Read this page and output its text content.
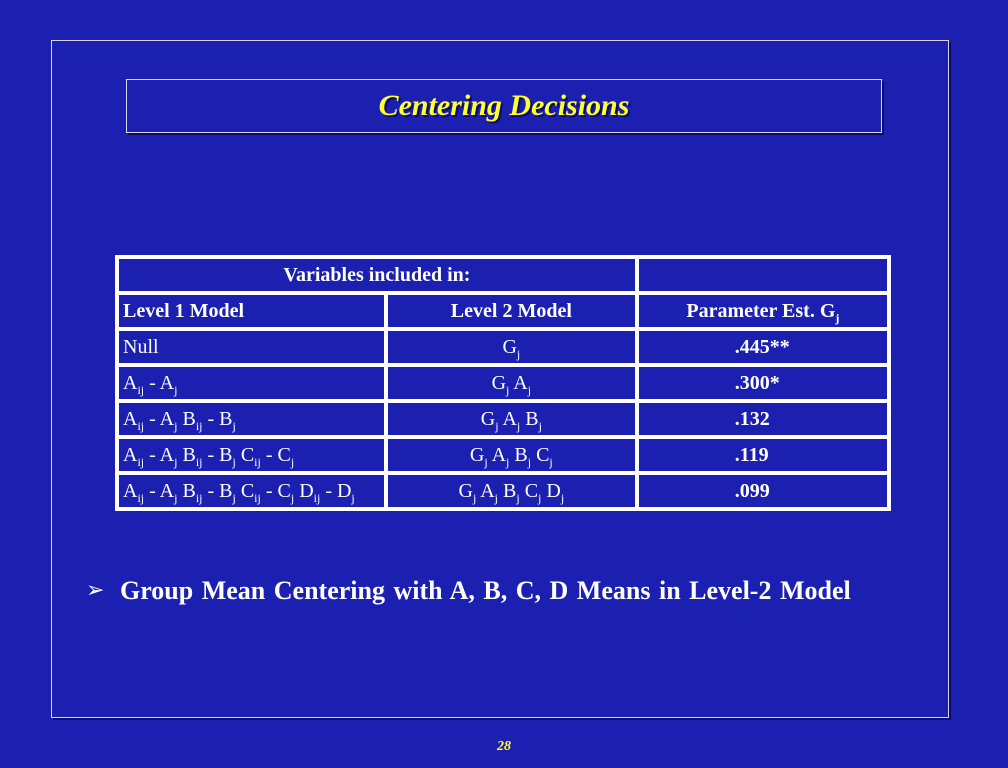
Centering Decisions
Variables included in:		
Level 1 Model	Level 2 Model	Parameter Est. $G_j$
Null	$G_j$	.445**
$A_{ij} - A_j$	$G_j$ $A_j$	.300*
$A_{ij} - A_j$ $B_{ij} - B_j$	$G_j$ $A_j$ $B_j$	.132
$A_{ij} - A_j$ $B_{ij} - B_j$ $C_{ij} - C_j$	$G_j$ $A_j$ $B_j$ $C_j$	.119
$A_{ij} - A_j$ $B_{ij} - B_j$ $C_{ij} - C_j$ $D_{ij} - D_j$	$G_j$ $A_j$ $B_j$ $C_j$ $D_j$	.099
➢ Group Mean Centering with A, B, C, D Means in Level-2 Model
28
